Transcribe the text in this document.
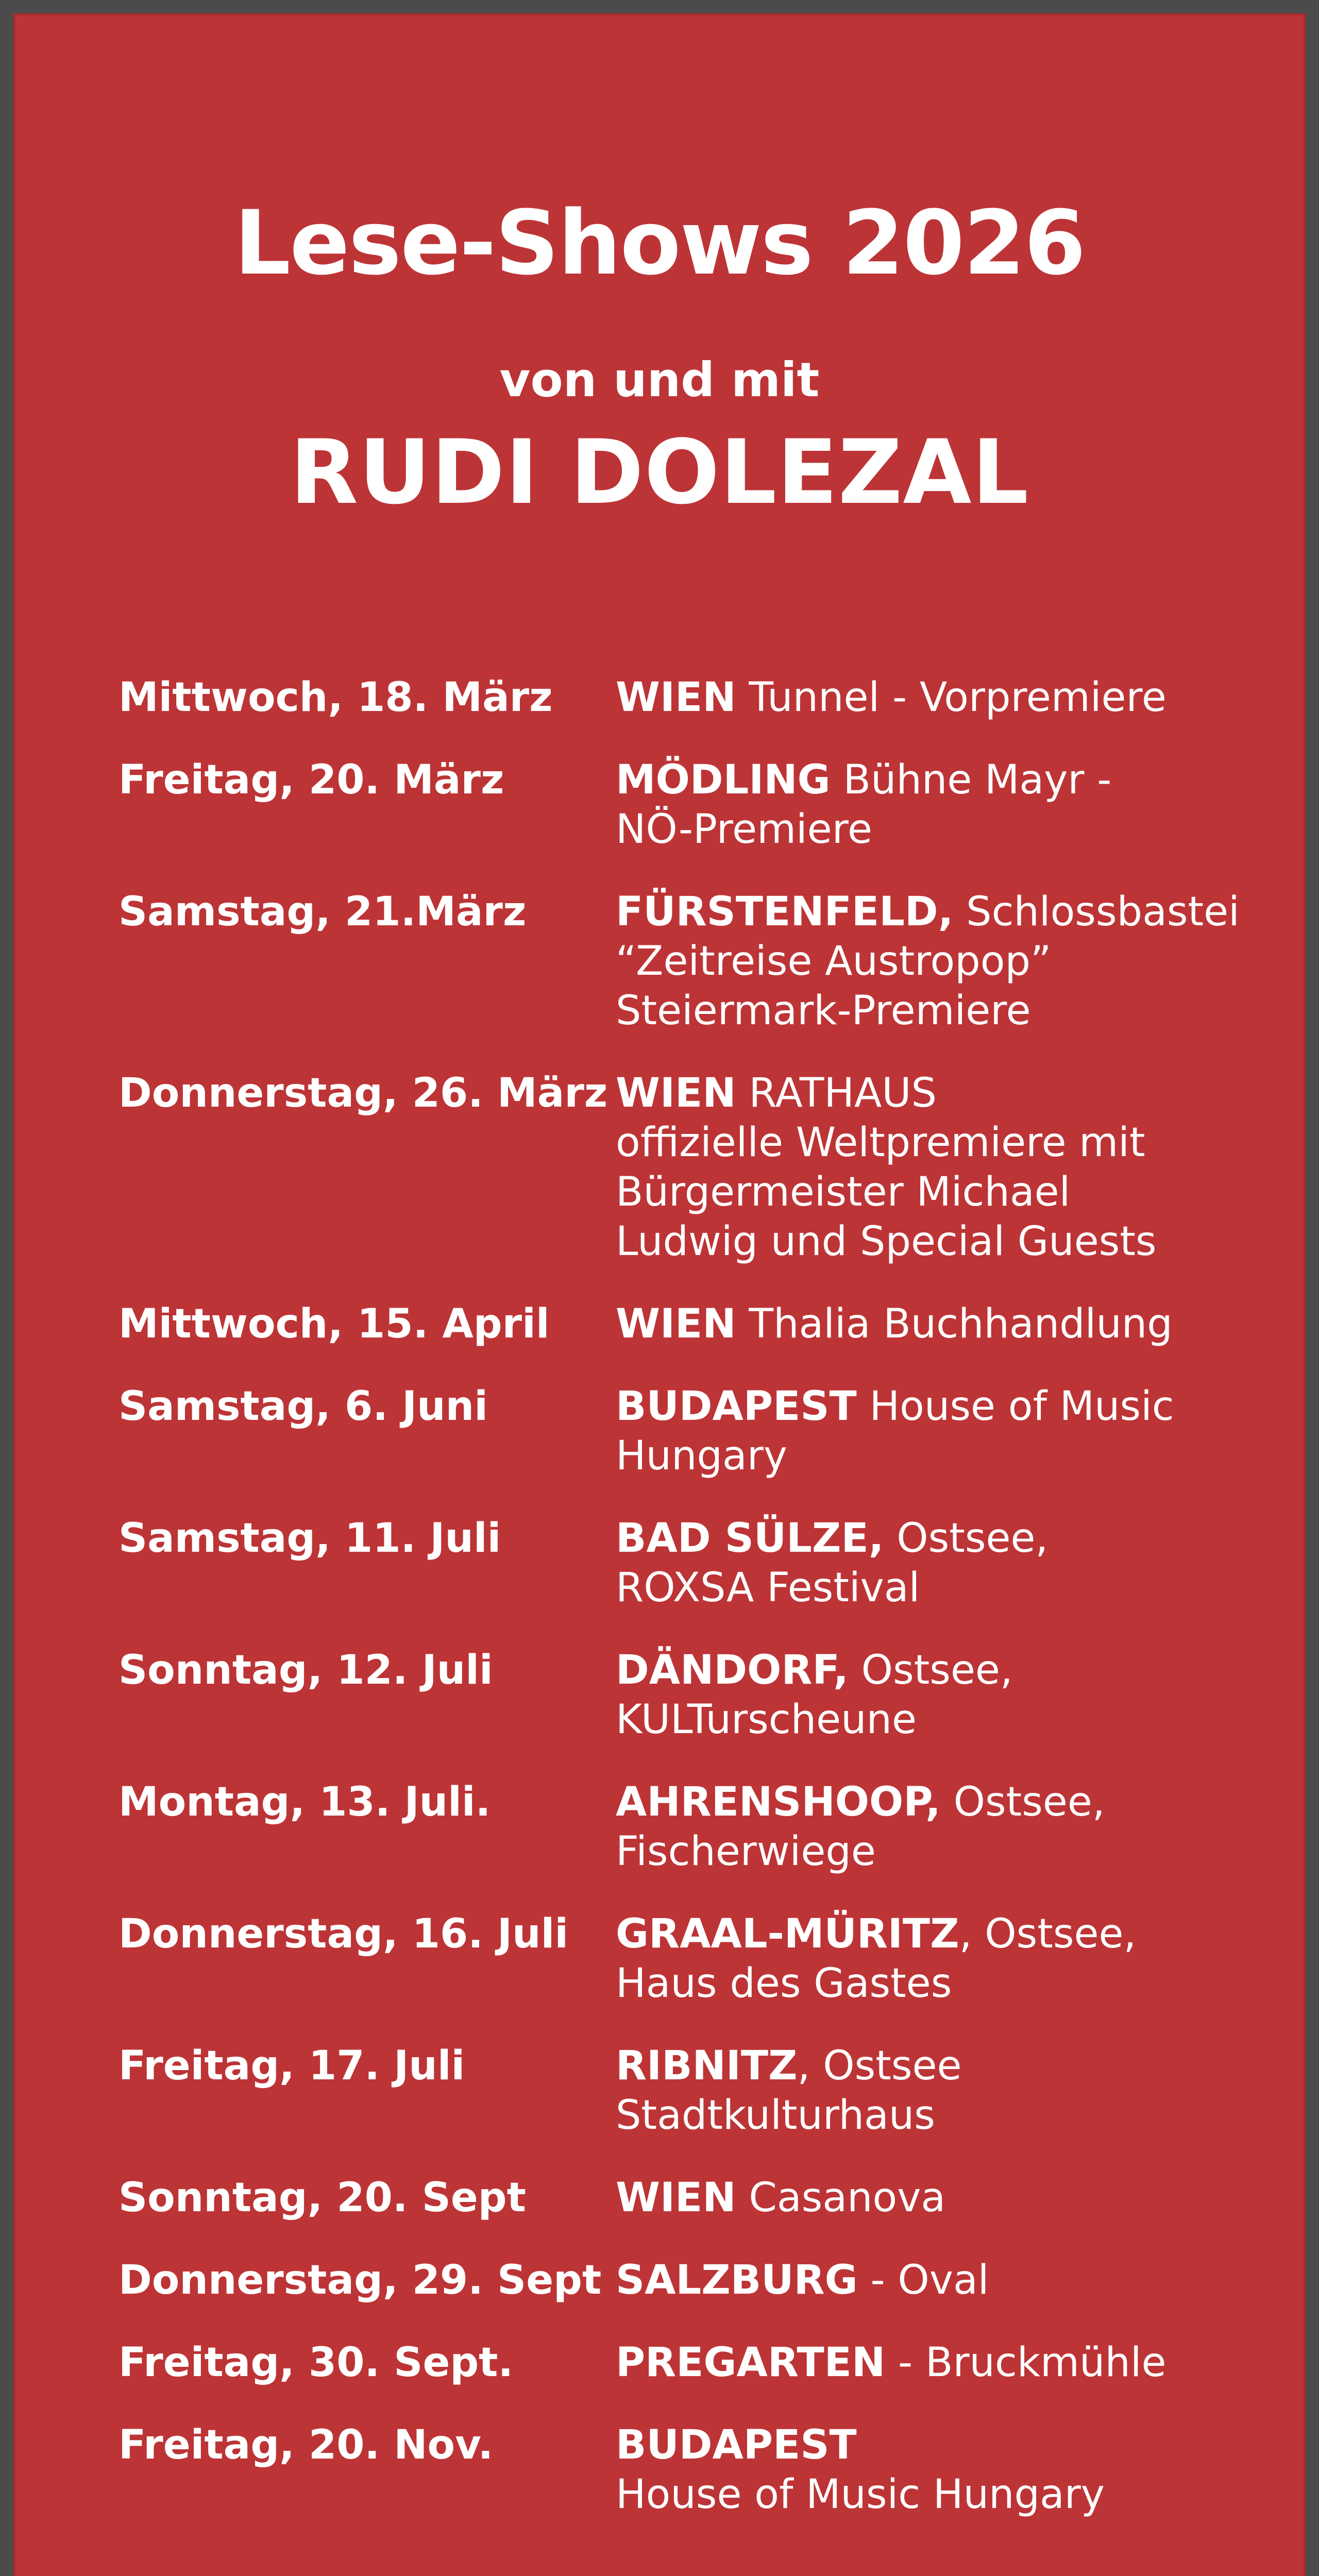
Lese-Shows 2026
von und mit
RUDI DOLEZAL
Mittwoch, 18. März	WIEN Tunnel - Vorpremiere
Freitag, 20. März	MÖDLING Bühne Mayr -
NÖ-Premiere
Samstag, 21.März	FÜRSTENFELD, Schlossbastei
“Zeitreise Austropop”
Steiermark-Premiere
Donnerstag, 26. März WIEN RATHAUS
offizielle Weltpremiere mit
Bürgermeister Michael
Ludwig und Special Guests
Mittwoch, 15. April	WIEN Thalia Buchhandlung
Samstag, 6. Juni	BUDAPEST House of Music
Hungary
Samstag, 11. Juli	BAD SÜLZE, Ostsee,
ROXSA Festival
Sonntag, 12. Juli	DÄNDORF, Ostsee,
KULTurscheune
Montag, 13. Juli.	AHRENSHOOP, Ostsee,
Fischerwiege
Donnerstag, 16. Juli	GRAAL-MÜRITZ, Ostsee,
Haus des Gastes
Freitag, 17. Juli	RIBNITZ, Ostsee
Stadtkulturhaus
Sonntag, 20. Sept	WIEN Casanova
Donnerstag, 29. Sept SALZBURG - Oval
Freitag, 30. Sept.	PREGARTEN - Bruckmühle
Freitag, 20. Nov.	BUDAPEST
House of Music Hungary
